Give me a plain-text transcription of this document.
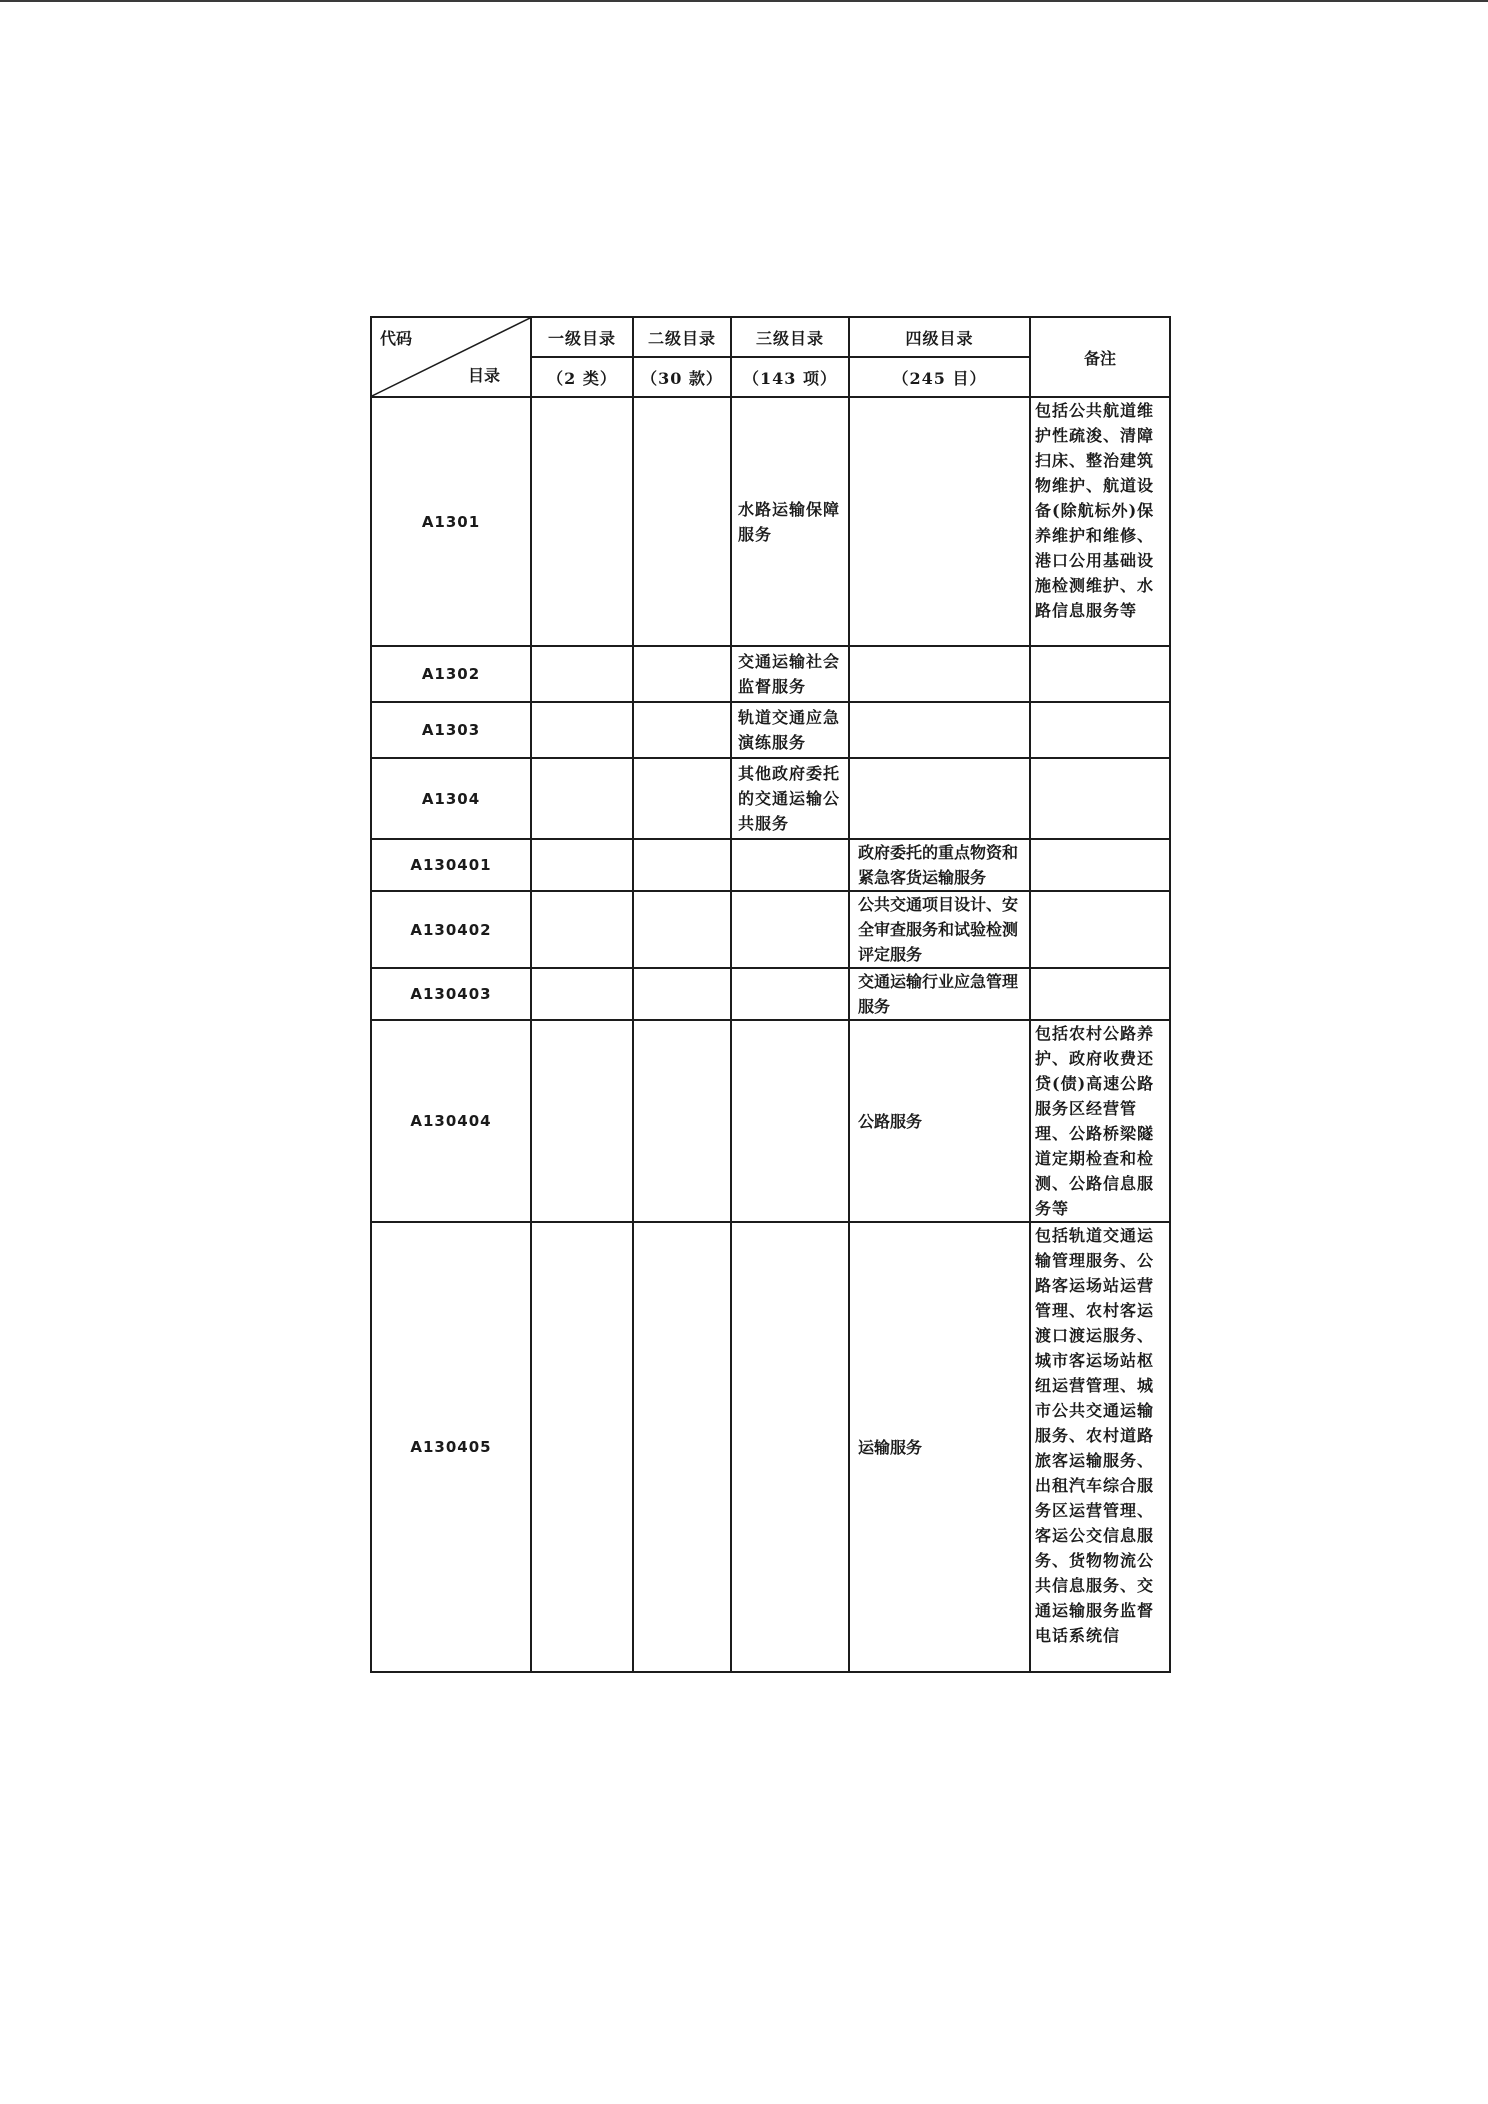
代码
目录	一级目录	二级目录	三级目录	四级目录	备注
	（2 类）	（30 款）	（143 项）	（245 目）	
A1301			水路运输保障服务		包括公共航道维护性疏浚、清障扫床、整治建筑物维护、航道设备(除航标外)保养维护和维修、港口公用基础设施检测维护、水路信息服务等
A1302			交通运输社会监督服务		
A1303			轨道交通应急演练服务		
A1304			其他政府委托的交通运输公共服务		
A130401				政府委托的重点物资和紧急客货运输服务	
A130402				公共交通项目设计、安全审查服务和试验检测评定服务	
A130403				交通运输行业应急管理服务	
A130404				公路服务	包括农村公路养护、政府收费还贷(债)高速公路服务区经营管理、公路桥梁隧道定期检查和检测、公路信息服务等
A130405				运输服务	包括轨道交通运输管理服务、公路客运场站运营管理、农村客运渡口渡运服务、城市客运场站枢纽运营管理、城市公共交通运输服务、农村道路旅客运输服务、出租汽车综合服务区运营管理、客运公交信息服务、货物物流公共信息服务、交通运输服务监督电话系统信
